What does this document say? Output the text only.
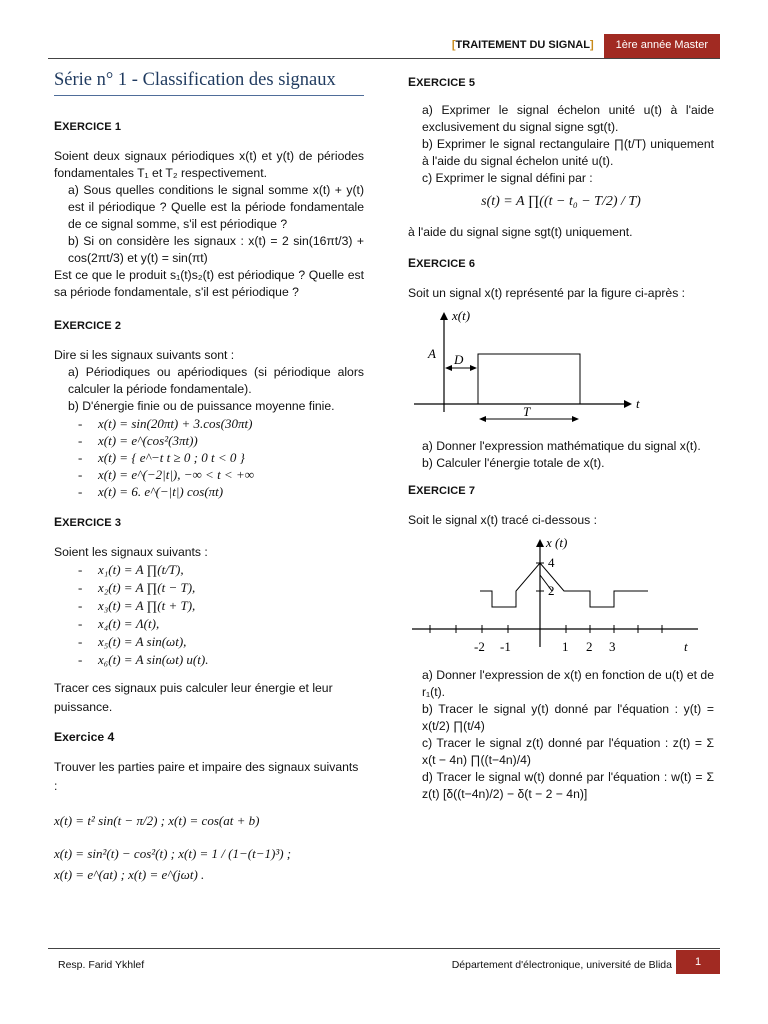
[TRAITEMENT DU SIGNAL]	1ère année Master
Série n° 1 - Classification des signaux

EXERCICE 1

Soient deux signaux périodiques x(t) et y(t) de périodes fondamentales T₁ et T₂ respectivement.

a) Sous quelles conditions le signal somme x(t) + y(t) est il périodique ? Quelle est la période fondamentale de ce signal somme, s'il est périodique ?

b) Si on considère les signaux : x(t) = 2 sin(16πt/3) + cos(2πt/3) et y(t) = sin(πt)

Est ce que le produit s₁(t)s₂(t) est périodique ? Quelle est sa période fondamentale, s'il est périodique ?

EXERCICE 2

Dire si les signaux suivants sont :

a) Périodiques ou apériodiques (si périodique alors calculer la période fondamentale).

b) D'énergie finie ou de puissance moyenne finie.

- x(t) = sin(20πt) + 3.cos(30πt)

- x(t) = e^(cos²(3πt))

- x(t) = { e^−t t ≥ 0 ; 0 t < 0 }

- x(t) = e^(−2|t|), −∞ < t < +∞

- x(t) = 6. e^(−|t|) cos(πt)

EXERCICE 3

Soient les signaux suivants :

- x₁(t) = A ∏(t/T),

- x₂(t) = A ∏(t − T),

- x₃(t) = A ∏(t + T),

- x₄(t) = Λ(t),

- x₅(t) = A sin(ωt),

- x₆(t) = A sin(ωt) u(t).

Tracer ces signaux puis calculer leur énergie et leur puissance.

Exercice 4

Trouver les parties paire et impaire des signaux suivants :

x(t) = t² sin(t − π/2) ; x(t) = cos(at + b)

x(t) = sin²(t) − cos²(t) ; x(t) = 1 / (1−(t−1)³) ;

x(t) = e^(at) ; x(t) = e^(jωt) .

EXERCICE 5

a) Exprimer le signal échelon unité u(t) à l'aide exclusivement du signal signe sgt(t).

b) Exprimer le signal rectangulaire ∏(t/T) uniquement à l'aide du signal échelon unité u(t).

c) Exprimer le signal défini par :

s(t) = A ∏((t − t₀ − T/2) / T)

à l'aide du signal signe sgt(t) uniquement.

EXERCICE 6

Soit un signal x(t) représenté par la figure ci-après :

x(t)
t
A D
T

a) Donner l'expression mathématique du signal x(t).

b) Calculer l'énergie totale de x(t).

EXERCICE 7

Soit le signal x(t) tracé ci-dessous :

x (t)
4
2
-2 -1	1 2 3	t

a) Donner l'expression de x(t) en fonction de u(t) et de r₁(t).

b) Tracer le signal y(t) donné par l'équation : y(t) = x(t/2) ∏(t/4)

c) Tracer le signal z(t) donné par l'équation : z(t) = Σ x(t − 4n) ∏((t−4n)/4)

d) Tracer le signal w(t) donné par l'équation : w(t) = Σ z(t) [δ((t−4n)/2) − δ(t − 2 − 4n)]

Resp. Farid Ykhlef	Département d'électronique, université de Blida	1
